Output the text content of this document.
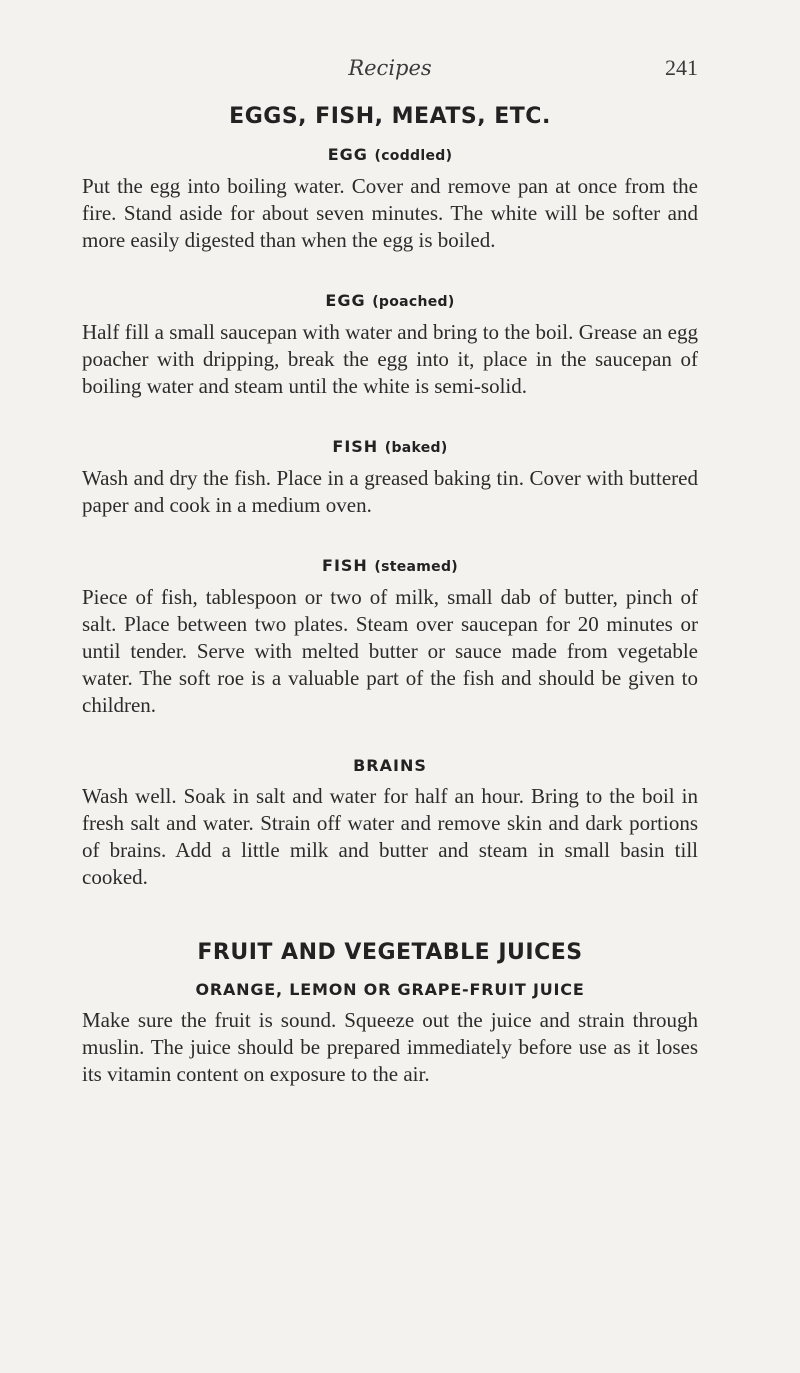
Recipes	241
EGGS, FISH, MEATS, ETC.
EGG (coddled)

Put the egg into boiling water. Cover and remove pan at once from the fire. Stand aside for about seven minutes. The white will be softer and more easily digested than when the egg is boiled.

EGG (poached)

Half fill a small saucepan with water and bring to the boil. Grease an egg poacher with dripping, break the egg into it, place in the saucepan of boiling water and steam until the white is semi-solid.

FISH (baked)

Wash and dry the fish. Place in a greased baking tin. Cover with buttered paper and cook in a medium oven.

FISH (steamed)

Piece of fish, tablespoon or two of milk, small dab of butter, pinch of salt. Place between two plates. Steam over saucepan for 20 minutes or until tender. Serve with melted butter or sauce made from vegetable water. The soft roe is a valuable part of the fish and should be given to children.

BRAINS

Wash well. Soak in salt and water for half an hour. Bring to the boil in fresh salt and water. Strain off water and remove skin and dark portions of brains. Add a little milk and butter and steam in small basin till cooked.

FRUIT AND VEGETABLE JUICES
ORANGE, LEMON OR GRAPE-FRUIT JUICE

Make sure the fruit is sound. Squeeze out the juice and strain through muslin. The juice should be prepared immediately before use as it loses its vitamin content on exposure to the air.
